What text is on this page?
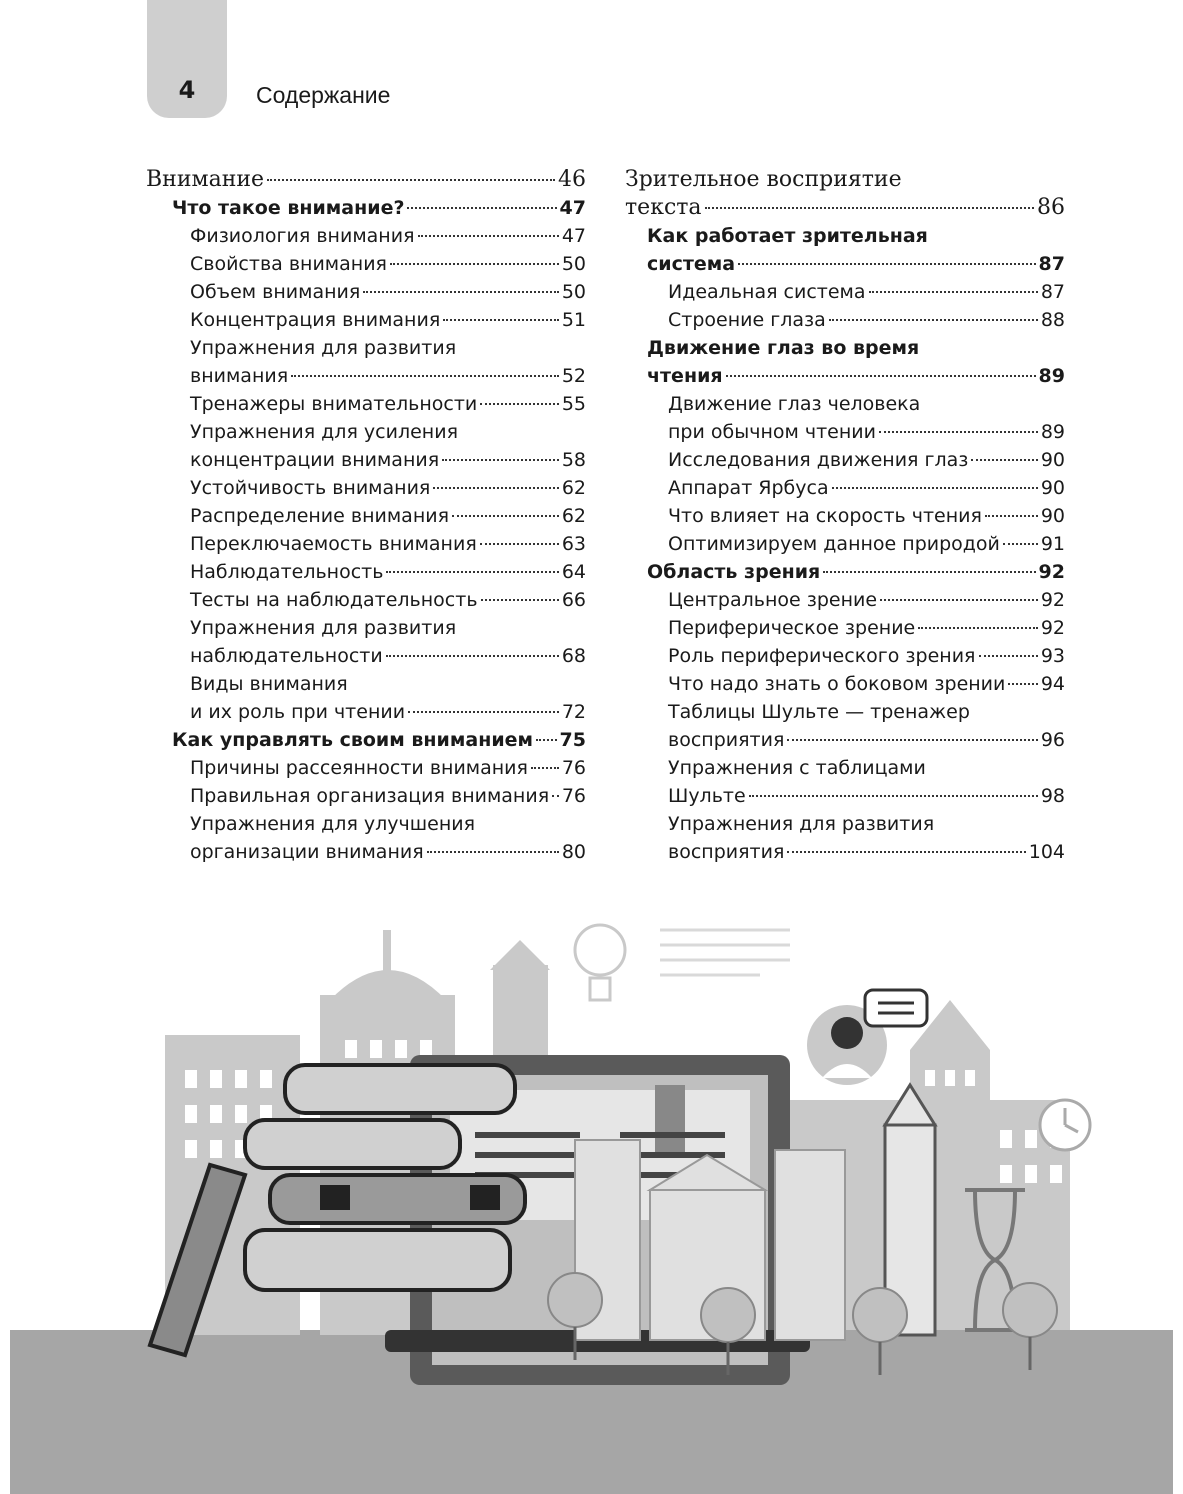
4	Содержание
Внимание	46
Что такое внимание?	47
Физиология внимания	47
Свойства внимания	50
Объем внимания	50
Концентрация внимания	51
Упражнения для развития
внимания	52
Тренажеры внимательности	55
Упражнения для усиления
концентрации внимания	58
Устойчивость внимания	62
Распределение внимания	62
Переключаемость внимания	63
Наблюдательность	64
Тесты на наблюдательность	66
Упражнения для развития
наблюдательности	68
Виды внимания
и их роль при чтении	72
Как управлять своим вниманием 75
Причины рассеянности внимания 76
Правильная организация внимания 76
Упражнения для улучшения
организации внимания	80
Зрительное восприятие
текста	86
Как работает зрительная
система	87
Идеальная система	87
Строение глаза	88
Движение глаз во время
чтения	89
Движение глаз человека
при обычном чтении	89
Исследования движения глаз	90
Аппарат Ярбуса	90
Что влияет на скорость чтения	90
Оптимизируем данное природой 91
Область зрения	92
Центральное зрение	92
Периферическое зрение	92
Роль периферического зрения	93
Что надо знать о боковом зрении 94
Таблицы Шульте — тренажер
восприятия	96
Упражнения с таблицами
Шульте	98
Упражнения для развития
восприятия	104
